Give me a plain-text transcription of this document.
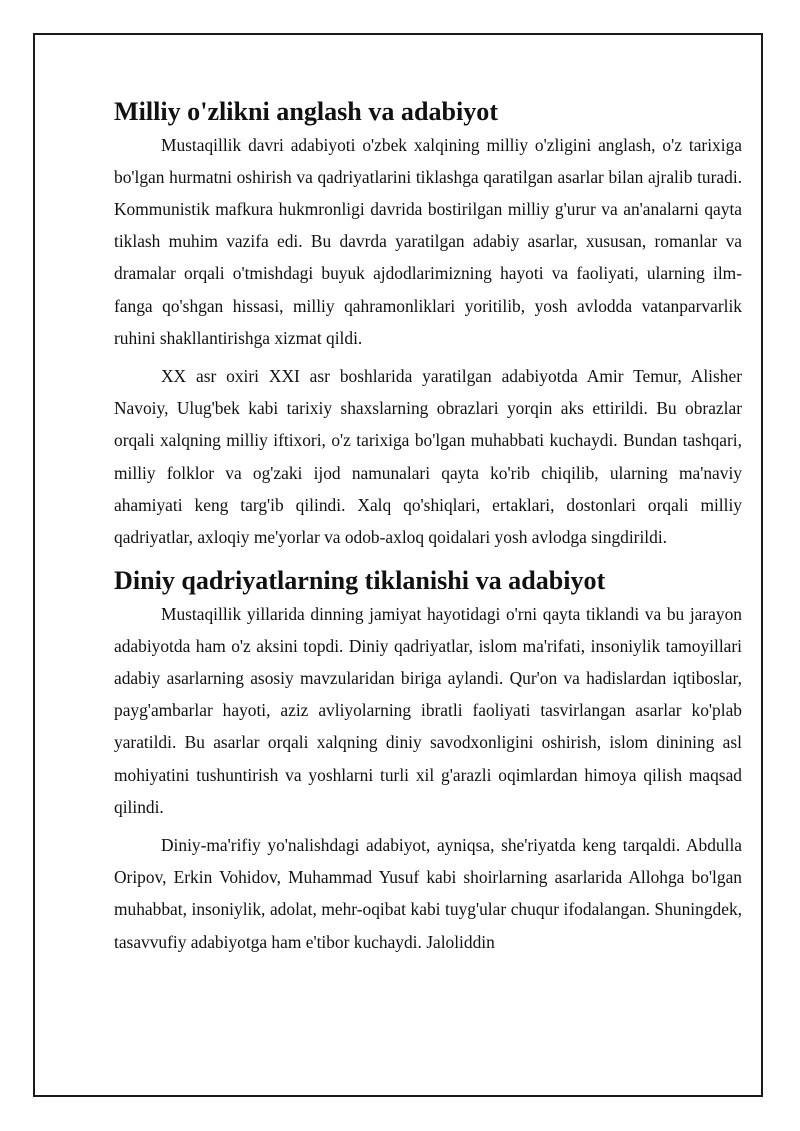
Milliy o'zlikni anglash va adabiyot

Mustaqillik davri adabiyoti o'zbek xalqining milliy o'zligini anglash, o'z tarixiga bo'lgan hurmatni oshirish va qadriyatlarini tiklashga qaratilgan asarlar bilan ajralib turadi. Kommunistik mafkura hukmronligi davrida bostirilgan milliy g'urur va an'analarni qayta tiklash muhim vazifa edi. Bu davrda yaratilgan adabiy asarlar, xususan, romanlar va dramalar orqali o'tmishdagi buyuk ajdodlarimizning hayoti va faoliyati, ularning ilm-fanga qo'shgan hissasi, milliy qahramonliklari yoritilib, yosh avlodda vatanparvarlik ruhini shakllantirishga xizmat qildi.

XX asr oxiri XXI asr boshlarida yaratilgan adabiyotda Amir Temur, Alisher Navoiy, Ulug'bek kabi tarixiy shaxslarning obrazlari yorqin aks ettirildi. Bu obrazlar orqali xalqning milliy iftixori, o'z tarixiga bo'lgan muhabbati kuchaydi. Bundan tashqari, milliy folklor va og'zaki ijod namunalari qayta ko'rib chiqilib, ularning ma'naviy ahamiyati keng targ'ib qilindi. Xalq qo'shiqlari, ertaklari, dostonlari orqali milliy qadriyatlar, axloqiy me'yorlar va odob-axloq qoidalari yosh avlodga singdirildi.

Diniy qadriyatlarning tiklanishi va adabiyot

Mustaqillik yillarida dinning jamiyat hayotidagi o'rni qayta tiklandi va bu jarayon adabiyotda ham o'z aksini topdi. Diniy qadriyatlar, islom ma'rifati, insoniylik tamoyillari adabiy asarlarning asosiy mavzularidan biriga aylandi. Qur'on va hadislardan iqtiboslar, payg'ambarlar hayoti, aziz avliyolarning ibratli faoliyati tasvirlangan asarlar ko'plab yaratildi. Bu asarlar orqali xalqning diniy savodxonligini oshirish, islom dinining asl mohiyatini tushuntirish va yoshlarni turli xil g'arazli oqimlardan himoya qilish maqsad qilindi.

Diniy-ma'rifiy yo'nalishdagi adabiyot, ayniqsa, she'riyatda keng tarqaldi. Abdulla Oripov, Erkin Vohidov, Muhammad Yusuf kabi shoirlarning asarlarida Allohga bo'lgan muhabbat, insoniylik, adolat, mehr-oqibat kabi tuyg'ular chuqur ifodalangan. Shuningdek, tasavvufiy adabiyotga ham e'tibor kuchaydi. Jaloliddin
